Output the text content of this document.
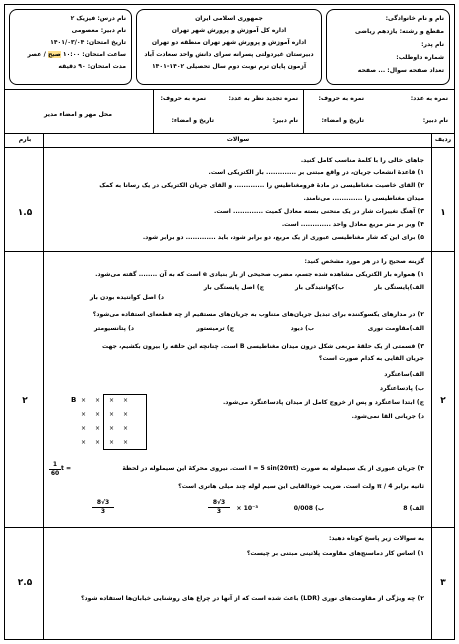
نام و نام خانوادگی:
مقطع و رشته: یازدهم ریاضی
نام پدر:
شماره داوطلب:
تعداد صفحه سوال: ... صفحه
جمهوری اسلامی ایران
اداره کل آموزش و پرورش شهر تهران
اداره آموزش و پرورش شهر تهران منطقه دو تهران
دبیرستان غیردولتی پسرانه سرای دانش واحد سعادت آباد
آزمون پایان ترم نوبت دوم سال تحصیلی ۱۴۰۲-۱۴۰۱
نام درس: فیزیک ۲
نام دبیر: معصومی
تاریخ امتحان: ۱۴۰۱/۰۳/۰۴
ساعت امتحان: ۱۰:۰۰ صبح / عصر
مدت امتحان: ۹۰ دقیقه
نمره به عدد:
نمره به حروف:
نمره تجدید نظر به عدد:
نمره به حروف:
محل مهر و امضاء مدیر
نام دبیر:
تاریخ و امضاء:
نام دبیر:
تاریخ و امضاء:
ردیف
سوالات
بارم
۱
۱.۵
جاهای خالی را با کلمهٔ مناسب کامل کنید.
۱) قاعدهٔ انشعاب جریان، در واقع مبتنی بر ............. بار الکتریکی است.
۲) القای خاصیت مغناطیسی در مادهٔ فرومغناطیس را ............. و القای جریان الکتریکی در یک رسانا به کمک
میدان مغناطیسی را ............. می‌نامند.
۳) آهنگ تغییرات شار در یک منحنی بسته معادل کمیت ............. است.
۴) وبر بر متر مربع معادل واحد ............. است.
۵) برای این که شار مغناطیسی عبوری از یک مربع، دو برابر شود، باید ............. دو برابر شود.
۲
۲
گزینه صحیح را در هر مورد مشخص کنید:
۱) همواره بار الکتریکی مشاهده شده جسم، مضرب صحیحی از بار بنیادی e است که به آن ........ گفته می‌شود.
الف)پایستگی بار
ب)کوانتیدگی بار
ج) اصل پایستگی بار
د) اصل کوانتیده بودن بار
۲) در مدارهای یکسوکننده برای تبدیل جریان‌های متناوب به جریان‌های مستقیم از چه قطعه‌ای استفاده می‌شود؟
الف)مقاومت نوری
ب) دیود
ج) ترمیستور
د) پتانسیومتر
۳) قسمتی از یک حلقهٔ مربعی شکل درون میدان مغناطیسی B است. چنانچه این حلقه را بیرون بکشیم، جهت
جریان القایی به کدام صورت است؟
الف)ساعتگرد
ب) پادساعتگرد
ج) ابتدا ساعتگرد و پس از خروج کامل از میدان پادساعتگرد می‌شود.
د) جریانی القا نمی‌شود.
B × × × ×
× × × ×
× × × ×
× × × ×
۴) جریان عبوری از یک سیملوله به صورت I = 5 sin(20πt) است. نیروی محرکهٔ این سیملوله در لحظهٔ
t =
$\frac{1}{60}$
ثانیه برابر π / 4 ولت است. ضریب خودالقایی این سیم لوله چند میلی هانری است؟
الف) 8
ب) 0/008
$\frac{8√3}{3} \times 10^{-3}$
$\frac{8√3}{3}$
۳
۲.۵
به سوالات زیر پاسخ کوتاه دهید:
۱) اساس کار دماسنج‌های مقاومت پلاتینی مبتنی بر چیست؟
۲) چه ویژگی از مقاومت‌های نوری (LDR) باعث شده است که از آنها در چراغ های روشنایی خیابان‌ها استفاده شود؟
